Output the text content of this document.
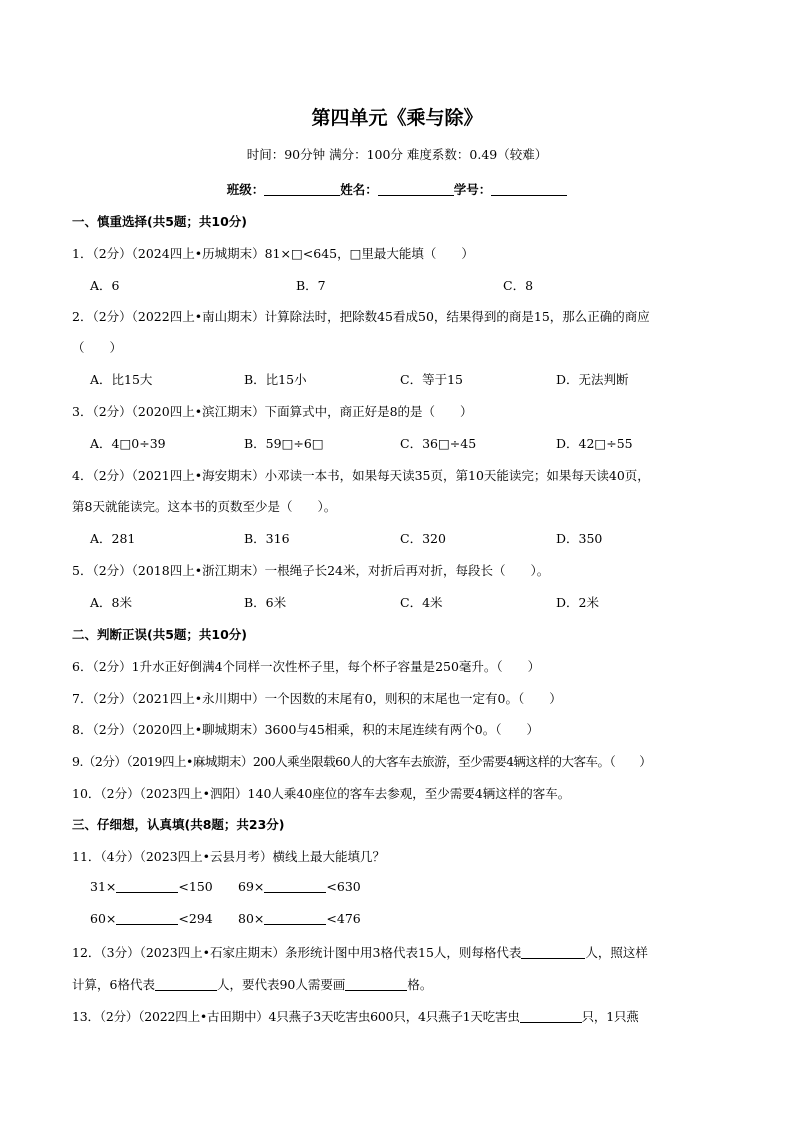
第四单元《乘与除》
时间：90分钟 满分：100分 难度系数：0.49（较难）
班级：	姓名：	学号：
一、慎重选择(共5题；共10分)
1．（2分）（2024四上•历城期末）81×□<645，□里最大能填（　　）
A．6	B．7	C．8
2．（2分）（2022四上•南山期末）计算除法时，把除数45看成50，结果得到的商是15，那么正确的商应
（　　）
A．比15大	B．比15小	C．等于15	D．无法判断
3．（2分）（2020四上•滨江期末）下面算式中，商正好是8的是（　　）
A．4□0÷39	B．59□÷6□	C．36□÷45	D．42□÷55
4．（2分）（2021四上•海安期末）小邓读一本书，如果每天读35页，第10天能读完；如果每天读40页，
第8天就能读完。这本书的页数至少是（　　）。
A．281	B．316	C．320	D．350
5．（2分）（2018四上•浙江期末）一根绳子长24米，对折后再对折，每段长（　　）。
A．8米	B．6米	C．4米	D．2米
二、判断正误(共5题；共10分)
6．（2分）1升水正好倒满4个同样一次性杯子里，每个杯子容量是250毫升。（　　）
7．（2分）（2021四上•永川期中）一个因数的末尾有0，则积的末尾也一定有0。（　　）
8．（2分）（2020四上•聊城期末）3600与45相乘，积的末尾连续有两个0。（　　）
9.（2分）（2019四上•麻城期末）200人乘坐限载60人的大客车去旅游，至少需要4辆这样的大客车。（　　）
10．（2分）（2023四上•泗阳）140人乘40座位的客车去参观，至少需要4辆这样的客车。
三、仔细想，认真填(共8题；共23分)
11．（4分）（2023四上•云县月考）横线上最大能填几？
31×	<150 69×	<630
60×	<294 80×	<476
12．（3分）（2023四上•石家庄期末）条形统计图中用3格代表15人，则每格代表	人，照这样
计算，6格代表	人，要代表90人需要画	格。
13．（2分）（2022四上•古田期中）4只燕子3天吃害虫600只，4只燕子1天吃害虫	只，1只燕
